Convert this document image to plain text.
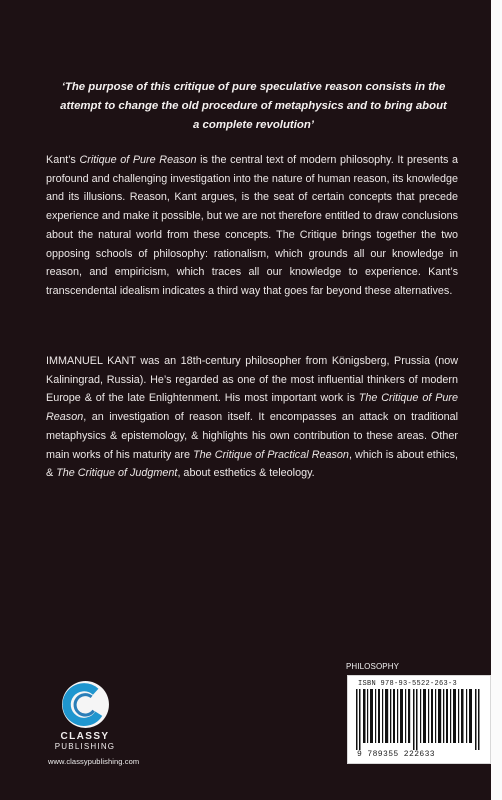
‘The purpose of this critique of pure speculative reason consists in the attempt to change the old procedure of metaphysics and to bring about a complete revolution’
Kant’s Critique of Pure Reason is the central text of modern philosophy. It presents a profound and challenging investigation into the nature of human reason, its knowledge and its illusions. Reason, Kant argues, is the seat of certain concepts that precede experience and make it possible, but we are not therefore entitled to draw conclusions about the natural world from these concepts. The Critique brings together the two opposing schools of philosophy: rationalism, which grounds all our knowledge in reason, and empiricism, which traces all our knowledge to experience. Kant’s transcendental idealism indicates a third way that goes far beyond these alternatives.
IMMANUEL KANT was an 18th-century philosopher from Königsberg, Prussia (now Kaliningrad, Russia). He’s regarded as one of the most influential thinkers of modern Europe & of the late Enlightenment. His most important work is The Critique of Pure Reason, an investigation of reason itself. It encompasses an attack on traditional metaphysics & epistemology, & highlights his own contribution to these areas. Other main works of his maturity are The Critique of Practical Reason, which is about ethics, & The Critique of Judgment, about esthetics & teleology.
CLASSY
PUBLISHING
www.classypublishing.com
PHILOSOPHY
ISBN 978-93-5522-263-3
9 789355 222633
